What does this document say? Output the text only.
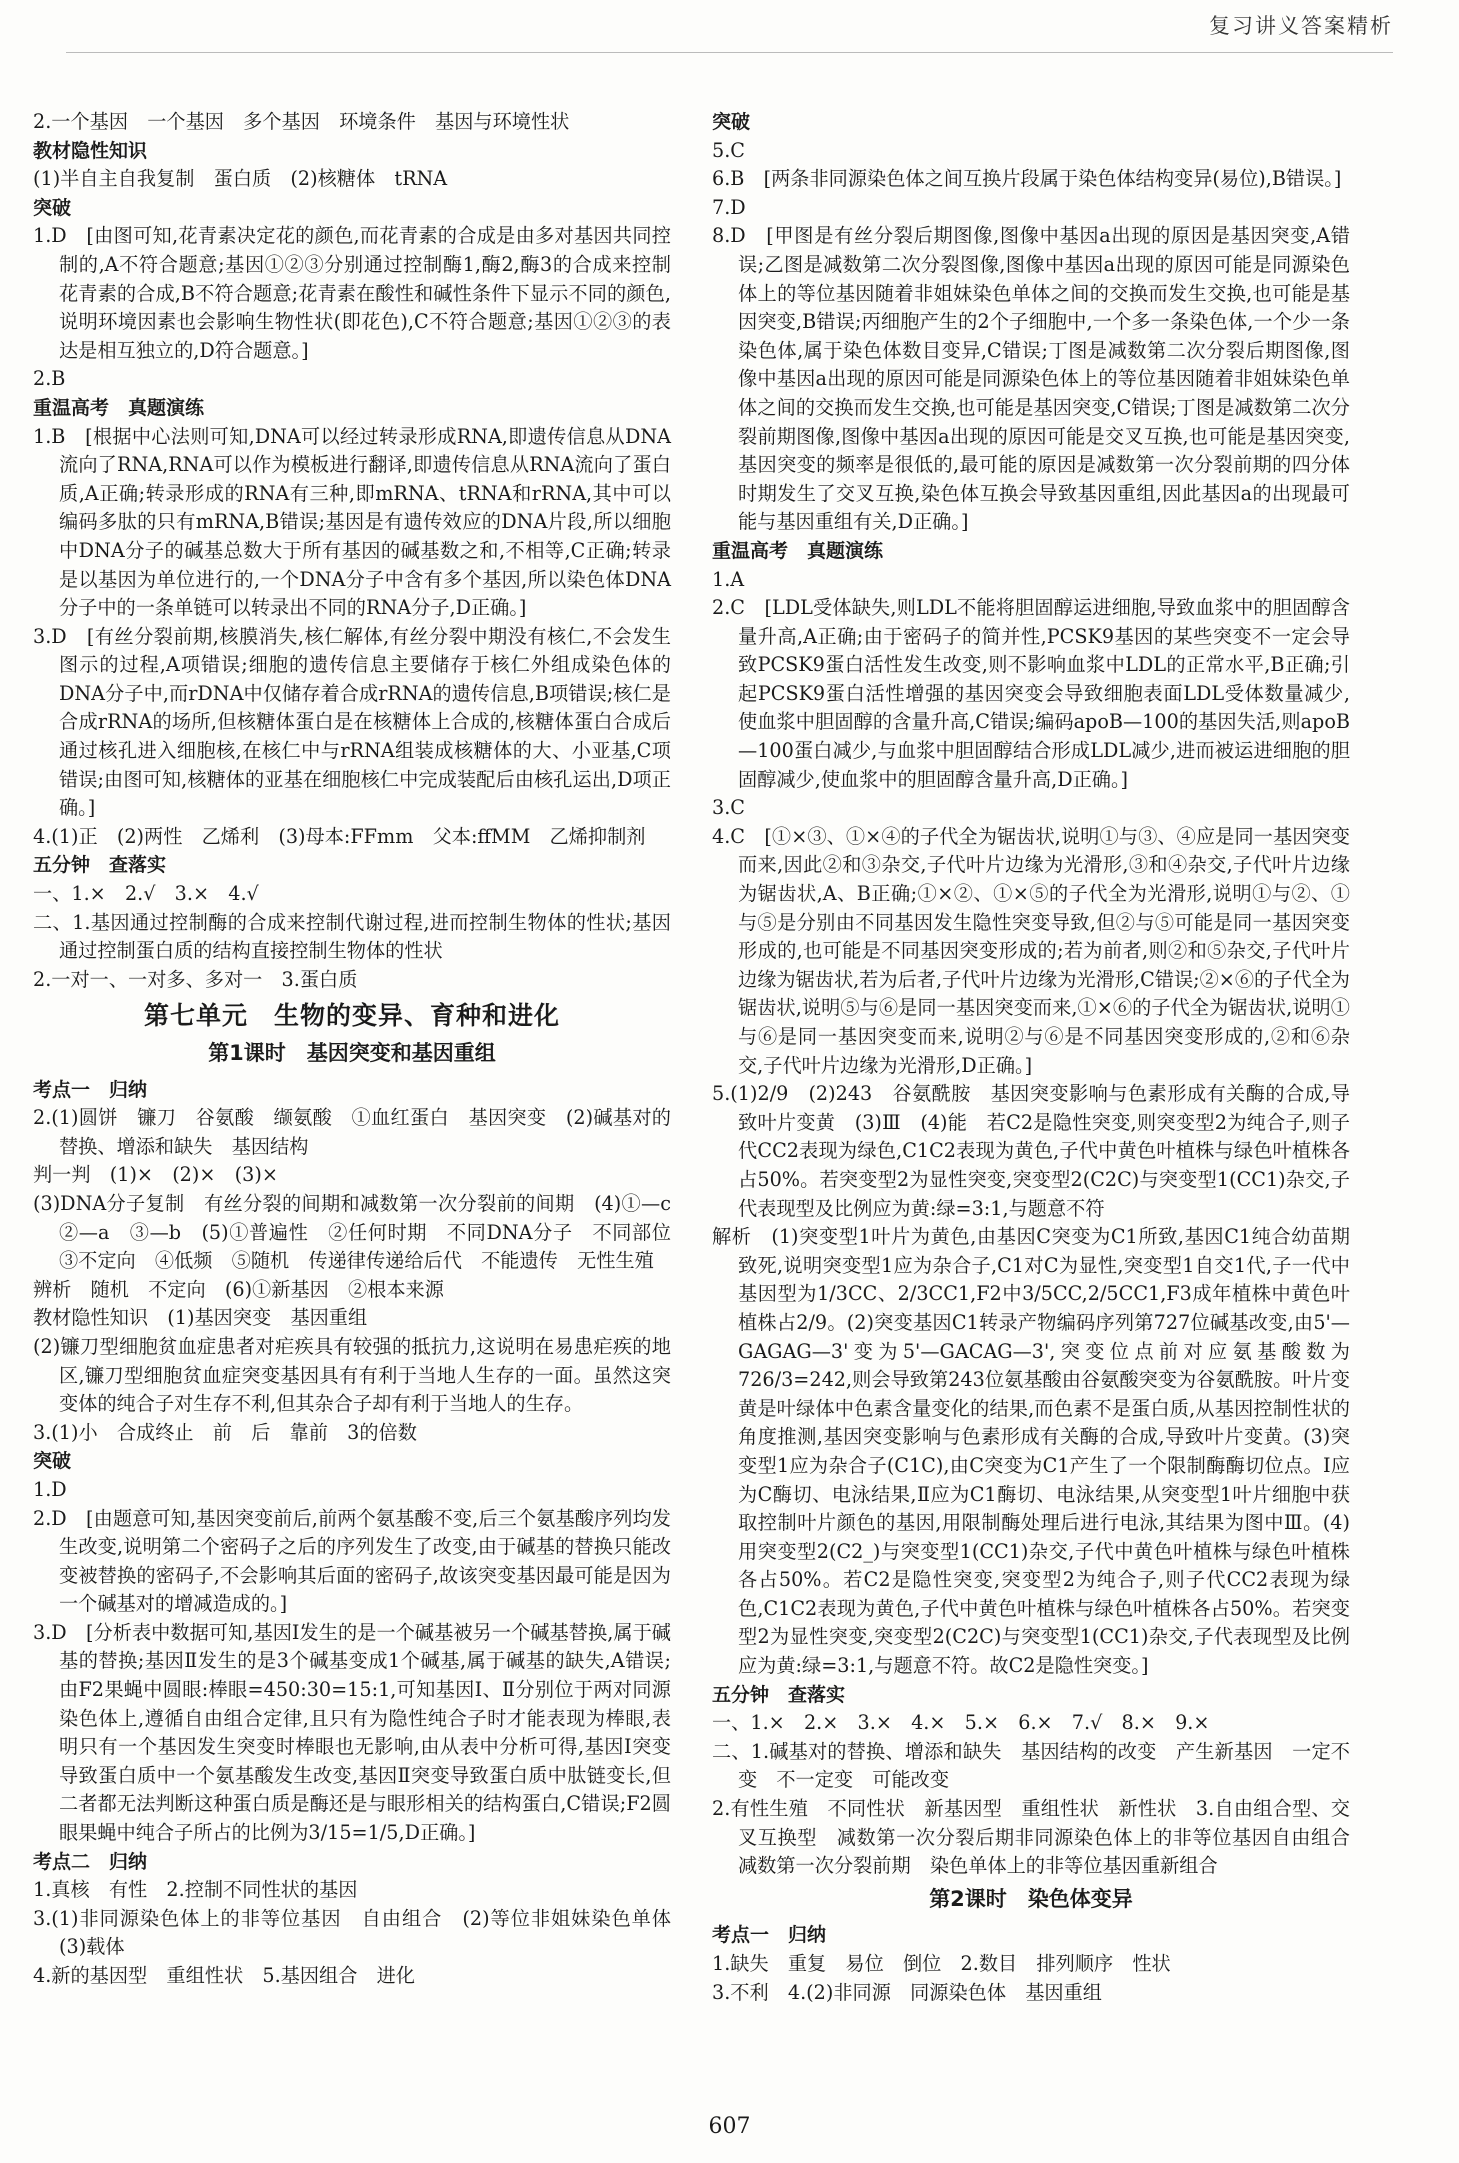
复习讲义答案精析

2.一个基因　一个基因　多个基因　环境条件　基因与环境性状

教材隐性知识

(1)半自主自我复制　蛋白质　(2)核糖体　tRNA

突破

1.D　[由图可知,花青素决定花的颜色,而花青素的合成是由多对基因共同控制的,A不符合题意;基因①②③分别通过控制酶1,酶2,酶3的合成来控制花青素的合成,B不符合题意;花青素在酸性和碱性条件下显示不同的颜色,说明环境因素也会影响生物性状(即花色),C不符合题意;基因①②③的表达是相互独立的,D符合题意。]

2.B

重温高考　真题演练

1.B　[根据中心法则可知,DNA可以经过转录形成RNA,即遗传信息从DNA流向了RNA,RNA可以作为模板进行翻译,即遗传信息从RNA流向了蛋白质,A正确;转录形成的RNA有三种,即mRNA、tRNA和rRNA,其中可以编码多肽的只有mRNA,B错误;基因是有遗传效应的DNA片段,所以细胞中DNA分子的碱基总数大于所有基因的碱基数之和,不相等,C正确;转录是以基因为单位进行的,一个DNA分子中含有多个基因,所以染色体DNA分子中的一条单链可以转录出不同的RNA分子,D正确。]

3.D　[有丝分裂前期,核膜消失,核仁解体,有丝分裂中期没有核仁,不会发生图示的过程,A项错误;细胞的遗传信息主要储存于核仁外组成染色体的DNA分子中,而rDNA中仅储存着合成rRNA的遗传信息,B项错误;核仁是合成rRNA的场所,但核糖体蛋白是在核糖体上合成的,核糖体蛋白合成后通过核孔进入细胞核,在核仁中与rRNA组装成核糖体的大、小亚基,C项错误;由图可知,核糖体的亚基在细胞核仁中完成装配后由核孔运出,D项正确。]

4.(1)正　(2)两性　乙烯利　(3)母本:FFmm　父本:ffMM　乙烯抑制剂

五分钟　查落实

一、1.×　2.√　3.×　4.√

二、1.基因通过控制酶的合成来控制代谢过程,进而控制生物体的性状;基因通过控制蛋白质的结构直接控制生物体的性状

2.一对一、一对多、多对一　3.蛋白质

第七单元　生物的变异、育种和进化
第1课时　基因突变和基因重组
考点一　归纳

2.(1)圆饼　镰刀　谷氨酸　缬氨酸　①血红蛋白　基因突变　(2)碱基对的替换、增添和缺失　基因结构

判一判　(1)×　(2)×　(3)×

(3)DNA分子复制　有丝分裂的间期和减数第一次分裂前的间期　(4)①—c　②—a　③—b　(5)①普遍性　②任何时期　不同DNA分子　不同部位　③不定向　④低频　⑤随机　传递律传递给后代　不能遗传　无性生殖

辨析　随机　不定向　(6)①新基因　②根本来源

教材隐性知识　(1)基因突变　基因重组

(2)镰刀型细胞贫血症患者对疟疾具有较强的抵抗力,这说明在易患疟疾的地区,镰刀型细胞贫血症突变基因具有有利于当地人生存的一面。虽然这突变体的纯合子对生存不利,但其杂合子却有利于当地人的生存。

3.(1)小　合成终止　前　后　靠前　3的倍数

突破

1.D

2.D　[由题意可知,基因突变前后,前两个氨基酸不变,后三个氨基酸序列均发生改变,说明第二个密码子之后的序列发生了改变,由于碱基的替换只能改变被替换的密码子,不会影响其后面的密码子,故该突变基因最可能是因为一个碱基对的增减造成的。]

3.D　[分析表中数据可知,基因Ⅰ发生的是一个碱基被另一个碱基替换,属于碱基的替换;基因Ⅱ发生的是3个碱基变成1个碱基,属于碱基的缺失,A错误;由F2果蝇中圆眼:棒眼=450:30=15:1,可知基因Ⅰ、Ⅱ分别位于两对同源染色体上,遵循自由组合定律,且只有为隐性纯合子时才能表现为棒眼,表明只有一个基因发生突变时棒眼也无影响,由从表中分析可得,基因Ⅰ突变导致蛋白质中一个氨基酸发生改变,基因Ⅱ突变导致蛋白质中肽链变长,但二者都无法判断这种蛋白质是酶还是与眼形相关的结构蛋白,C错误;F2圆眼果蝇中纯合子所占的比例为3/15=1/5,D正确。]

考点二　归纳

1.真核　有性　2.控制不同性状的基因

3.(1)非同源染色体上的非等位基因　自由组合　(2)等位非姐妹染色单体　(3)载体

4.新的基因型　重组性状　5.基因组合　进化

突破

5.C

6.B　[两条非同源染色体之间互换片段属于染色体结构变异(易位),B错误。]

7.D

8.D　[甲图是有丝分裂后期图像,图像中基因a出现的原因是基因突变,A错误;乙图是减数第二次分裂图像,图像中基因a出现的原因可能是同源染色体上的等位基因随着非姐妹染色单体之间的交换而发生交换,也可能是基因突变,B错误;丙细胞产生的2个子细胞中,一个多一条染色体,一个少一条染色体,属于染色体数目变异,C错误;丁图是减数第二次分裂后期图像,图像中基因a出现的原因可能是同源染色体上的等位基因随着非姐妹染色单体之间的交换而发生交换,也可能是基因突变,C错误;丁图是减数第二次分裂前期图像,图像中基因a出现的原因可能是交叉互换,也可能是基因突变,基因突变的频率是很低的,最可能的原因是减数第一次分裂前期的四分体时期发生了交叉互换,染色体互换会导致基因重组,因此基因a的出现最可能与基因重组有关,D正确。]

重温高考　真题演练

1.A

2.C　[LDL受体缺失,则LDL不能将胆固醇运进细胞,导致血浆中的胆固醇含量升高,A正确;由于密码子的简并性,PCSK9基因的某些突变不一定会导致PCSK9蛋白活性发生改变,则不影响血浆中LDL的正常水平,B正确;引起PCSK9蛋白活性增强的基因突变会导致细胞表面LDL受体数量减少,使血浆中胆固醇的含量升高,C错误;编码apoB—100的基因失活,则apoB—100蛋白减少,与血浆中胆固醇结合形成LDL减少,进而被运进细胞的胆固醇减少,使血浆中的胆固醇含量升高,D正确。]

3.C

4.C　[①×③、①×④的子代全为锯齿状,说明①与③、④应是同一基因突变而来,因此②和③杂交,子代叶片边缘为光滑形,③和④杂交,子代叶片边缘为锯齿状,A、B正确;①×②、①×⑤的子代全为光滑形,说明①与②、①与⑤是分别由不同基因发生隐性突变导致,但②与⑤可能是同一基因突变形成的,也可能是不同基因突变形成的;若为前者,则②和⑤杂交,子代叶片边缘为锯齿状,若为后者,子代叶片边缘为光滑形,C错误;②×⑥的子代全为锯齿状,说明⑤与⑥是同一基因突变而来,①×⑥的子代全为锯齿状,说明①与⑥是同一基因突变而来,说明②与⑥是不同基因突变形成的,②和⑥杂交,子代叶片边缘为光滑形,D正确。]

5.(1)2/9　(2)243　谷氨酰胺　基因突变影响与色素形成有关酶的合成,导致叶片变黄　(3)Ⅲ　(4)能　若C2是隐性突变,则突变型2为纯合子,则子代CC2表现为绿色,C1C2表现为黄色,子代中黄色叶植株与绿色叶植株各占50%。若突变型2为显性突变,突变型2(C2C)与突变型1(CC1)杂交,子代表现型及比例应为黄:绿=3:1,与题意不符

解析　(1)突变型1叶片为黄色,由基因C突变为C1所致,基因C1纯合幼苗期致死,说明突变型1应为杂合子,C1对C为显性,突变型1自交1代,子一代中基因型为1/3CC、2/3CC1,F2中3/5CC,2/5CC1,F3成年植株中黄色叶植株占2/9。(2)突变基因C1转录产物编码序列第727位碱基改变,由5'—GAGAG—3'变为5'—GACAG—3',突变位点前对应氨基酸数为726/3=242,则会导致第243位氨基酸由谷氨酸突变为谷氨酰胺。叶片变黄是叶绿体中色素含量变化的结果,而色素不是蛋白质,从基因控制性状的角度推测,基因突变影响与色素形成有关酶的合成,导致叶片变黄。(3)突变型1应为杂合子(C1C),由C突变为C1产生了一个限制酶酶切位点。Ⅰ应为C酶切、电泳结果,Ⅱ应为C1酶切、电泳结果,从突变型1叶片细胞中获取控制叶片颜色的基因,用限制酶处理后进行电泳,其结果为图中Ⅲ。(4)用突变型2(C2_)与突变型1(CC1)杂交,子代中黄色叶植株与绿色叶植株各占50%。若C2是隐性突变,突变型2为纯合子,则子代CC2表现为绿色,C1C2表现为黄色,子代中黄色叶植株与绿色叶植株各占50%。若突变型2为显性突变,突变型2(C2C)与突变型1(CC1)杂交,子代表现型及比例应为黄:绿=3:1,与题意不符。故C2是隐性突变。]

五分钟　查落实

一、1.×　2.×　3.×　4.×　5.×　6.×　7.√　8.×　9.×

二、1.碱基对的替换、增添和缺失　基因结构的改变　产生新基因　一定不变　不一定变　可能改变

2.有性生殖　不同性状　新基因型　重组性状　新性状　3.自由组合型、交叉互换型　减数第一次分裂后期非同源染色体上的非等位基因自由组合　减数第一次分裂前期　染色单体上的非等位基因重新组合

第2课时　染色体变异
考点一　归纳

1.缺失　重复　易位　倒位　2.数目　排列顺序　性状

3.不利　4.(2)非同源　同源染色体　基因重组

607
